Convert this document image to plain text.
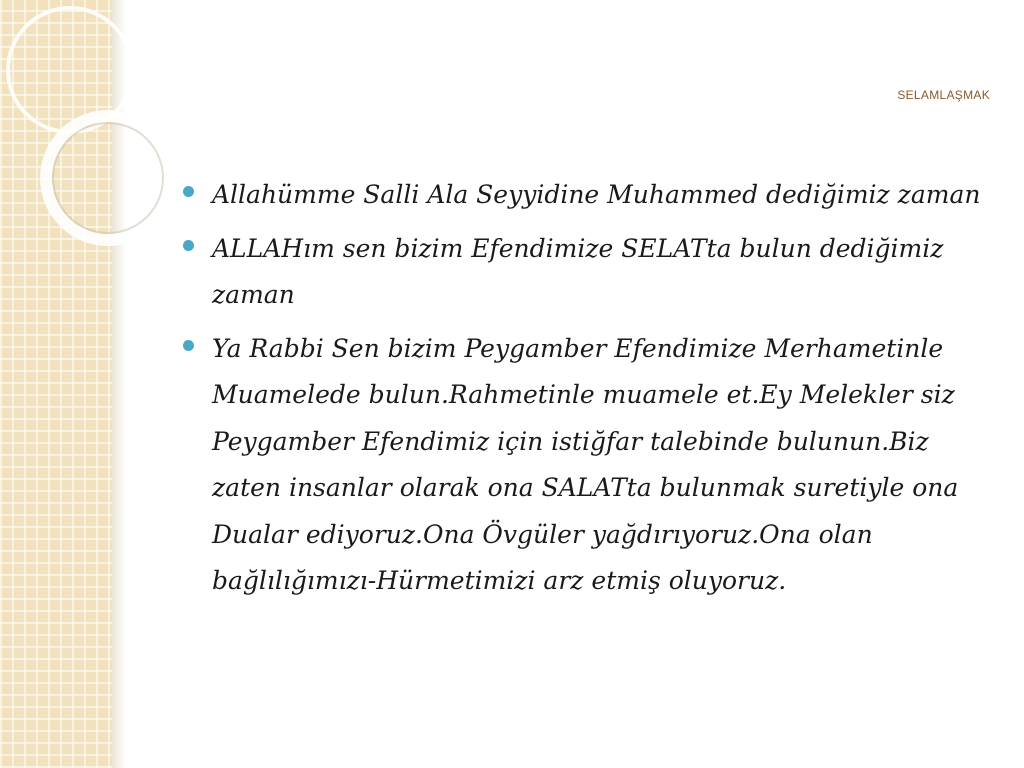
SELAMLAŞMAK
Allahümme Salli Ala Seyyidine Muhammed dediğimiz zaman
ALLAHım sen bizim Efendimize SELATta bulun dediğimiz zaman
Ya Rabbi Sen bizim Peygamber Efendimize Merhametinle Muamelede bulun.Rahmetinle muamele et.Ey Melekler siz Peygamber Efendimiz için istiğfar talebinde bulunun.Biz zaten insanlar olarak ona SALATta bulunmak suretiyle ona Dualar ediyoruz.Ona Övgüler yağdırıyoruz.Ona olan bağlılığımızı-Hürmetimizi arz etmiş oluyoruz.
